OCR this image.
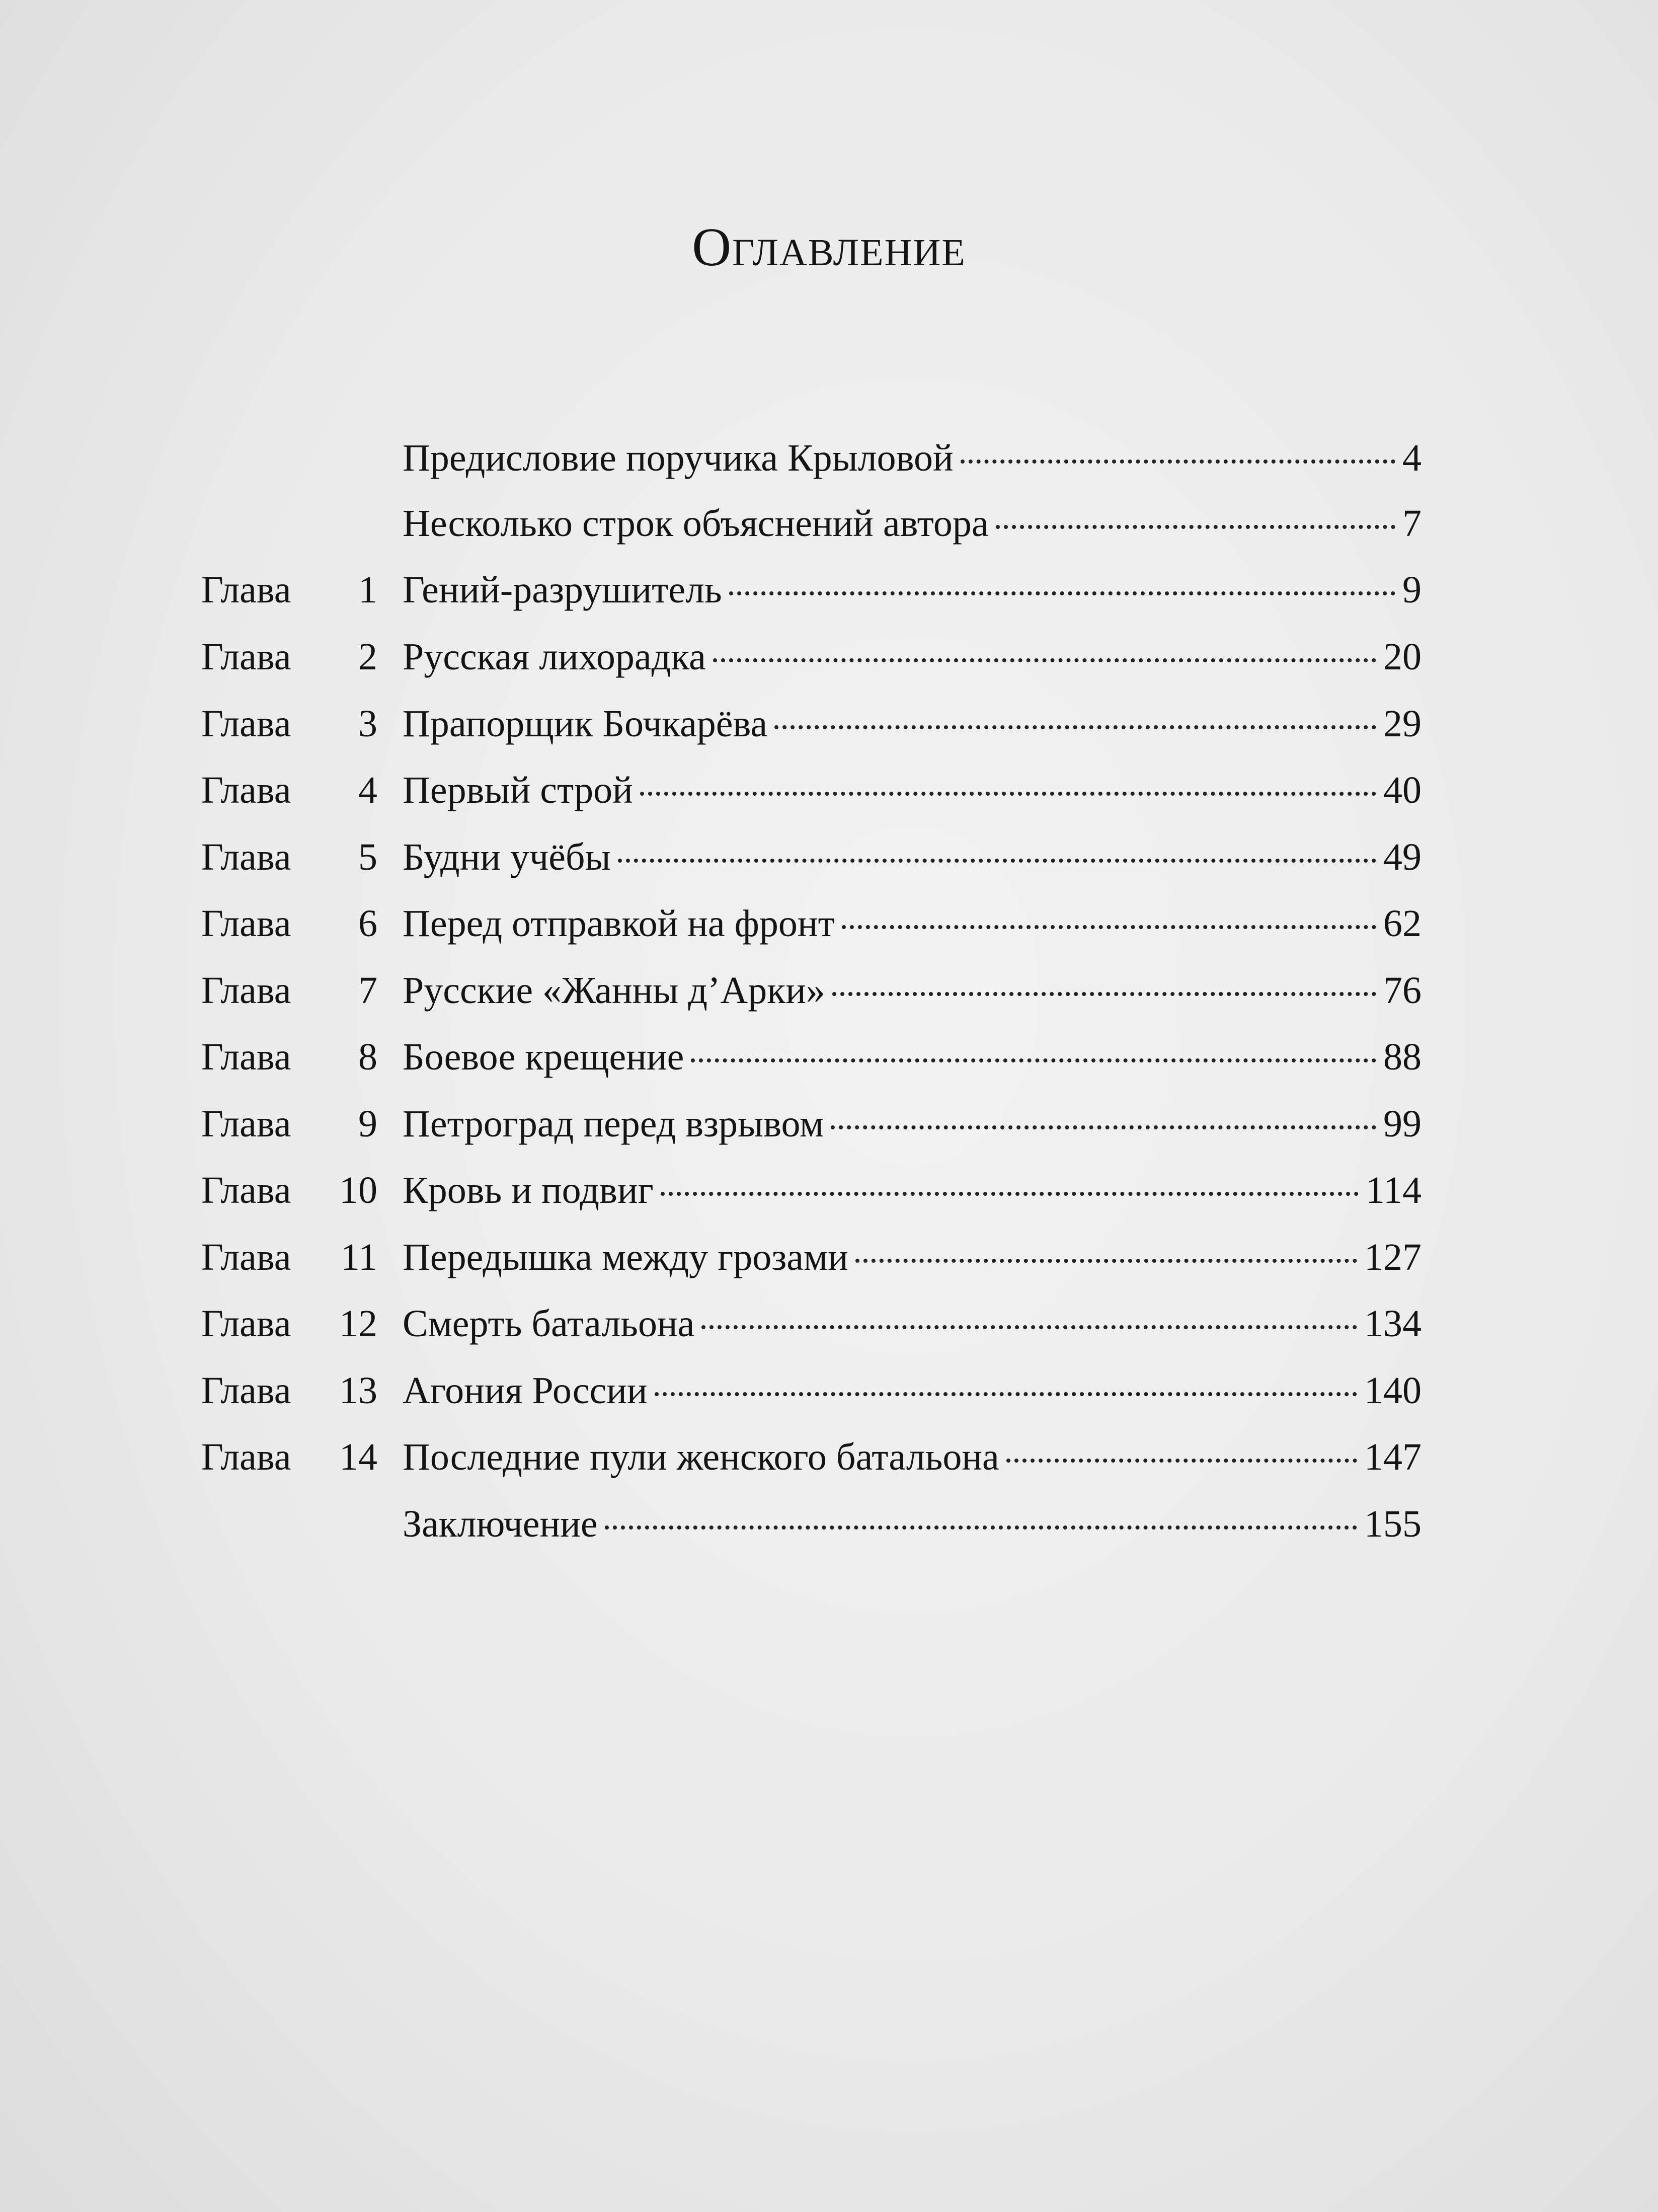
Оглавление
Предисловие поручика Крыловой	4
Несколько строк объяснений автора	7
Глава	1 Гений-разрушитель	9
Глава	2 Русская лихорадка	20
Глава	3 Прапорщик Бочкарёва	29
Глава	4 Первый строй	40
Глава	5 Будни учёбы	49
Глава	6 Перед отправкой на фронт	62
Глава	7 Русские «Жанны д’Арки»	76
Глава	8 Боевое крещение	88
Глава	9 Петроград перед взрывом	99
Глава	10 Кровь и подвиг	114
Глава	11 Передышка между грозами	127
Глава	12 Смерть батальона	134
Глава	13 Агония России	140
Глава	14 Последние пули женского батальона	147
Заключение	155
